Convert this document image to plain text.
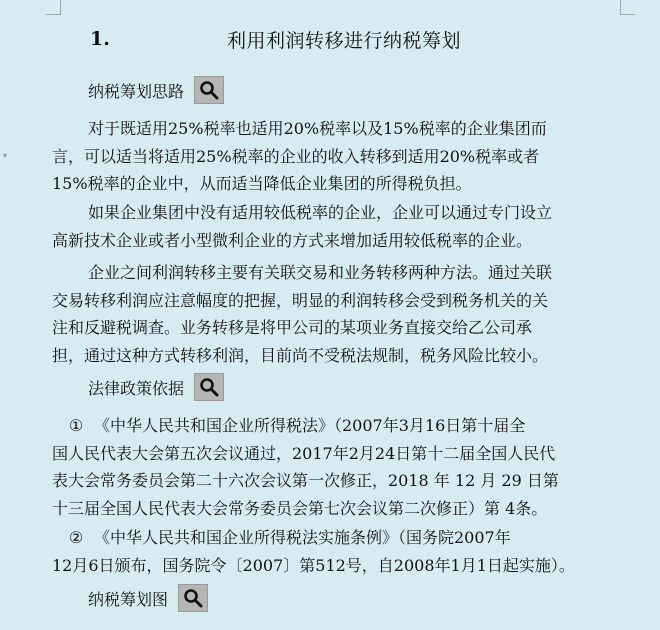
▾
1.	利用利润转移进行纳税筹划
纳税筹划思路
对于既适用25%税率也适用20%税率以及15%税率的企业集团而
言，可以适当将适用25%税率的企业的收入转移到适用20%税率或者
15%税率的企业中，从而适当降低企业集团的所得税负担。
如果企业集团中没有适用较低税率的企业，企业可以通过专门设立
高新技术企业或者小型微利企业的方式来增加适用较低税率的企业。
企业之间利润转移主要有关联交易和业务转移两种方法。通过关联
交易转移利润应注意幅度的把握，明显的利润转移会受到税务机关的关
注和反避税调查。业务转移是将甲公司的某项业务直接交给乙公司承
担，通过这种方式转移利润，目前尚不受税法规制，税务风险比较小。
法律政策依据
① 《中华人民共和国企业所得税法》（2007年3月16日第十届全
国人民代表大会第五次会议通过，2017年2月24日第十二届全国人民代
表大会常务委员会第二十六次会议第一次修正，2018 年 12 月 29 日第
十三届全国人民代表大会常务委员会第七次会议第二次修正）第 4条。
② 《中华人民共和国企业所得税法实施条例》（国务院2007年
12月6日颁布，国务院令〔2007〕第512号，自2008年1月1日起实施）。
纳税筹划图
